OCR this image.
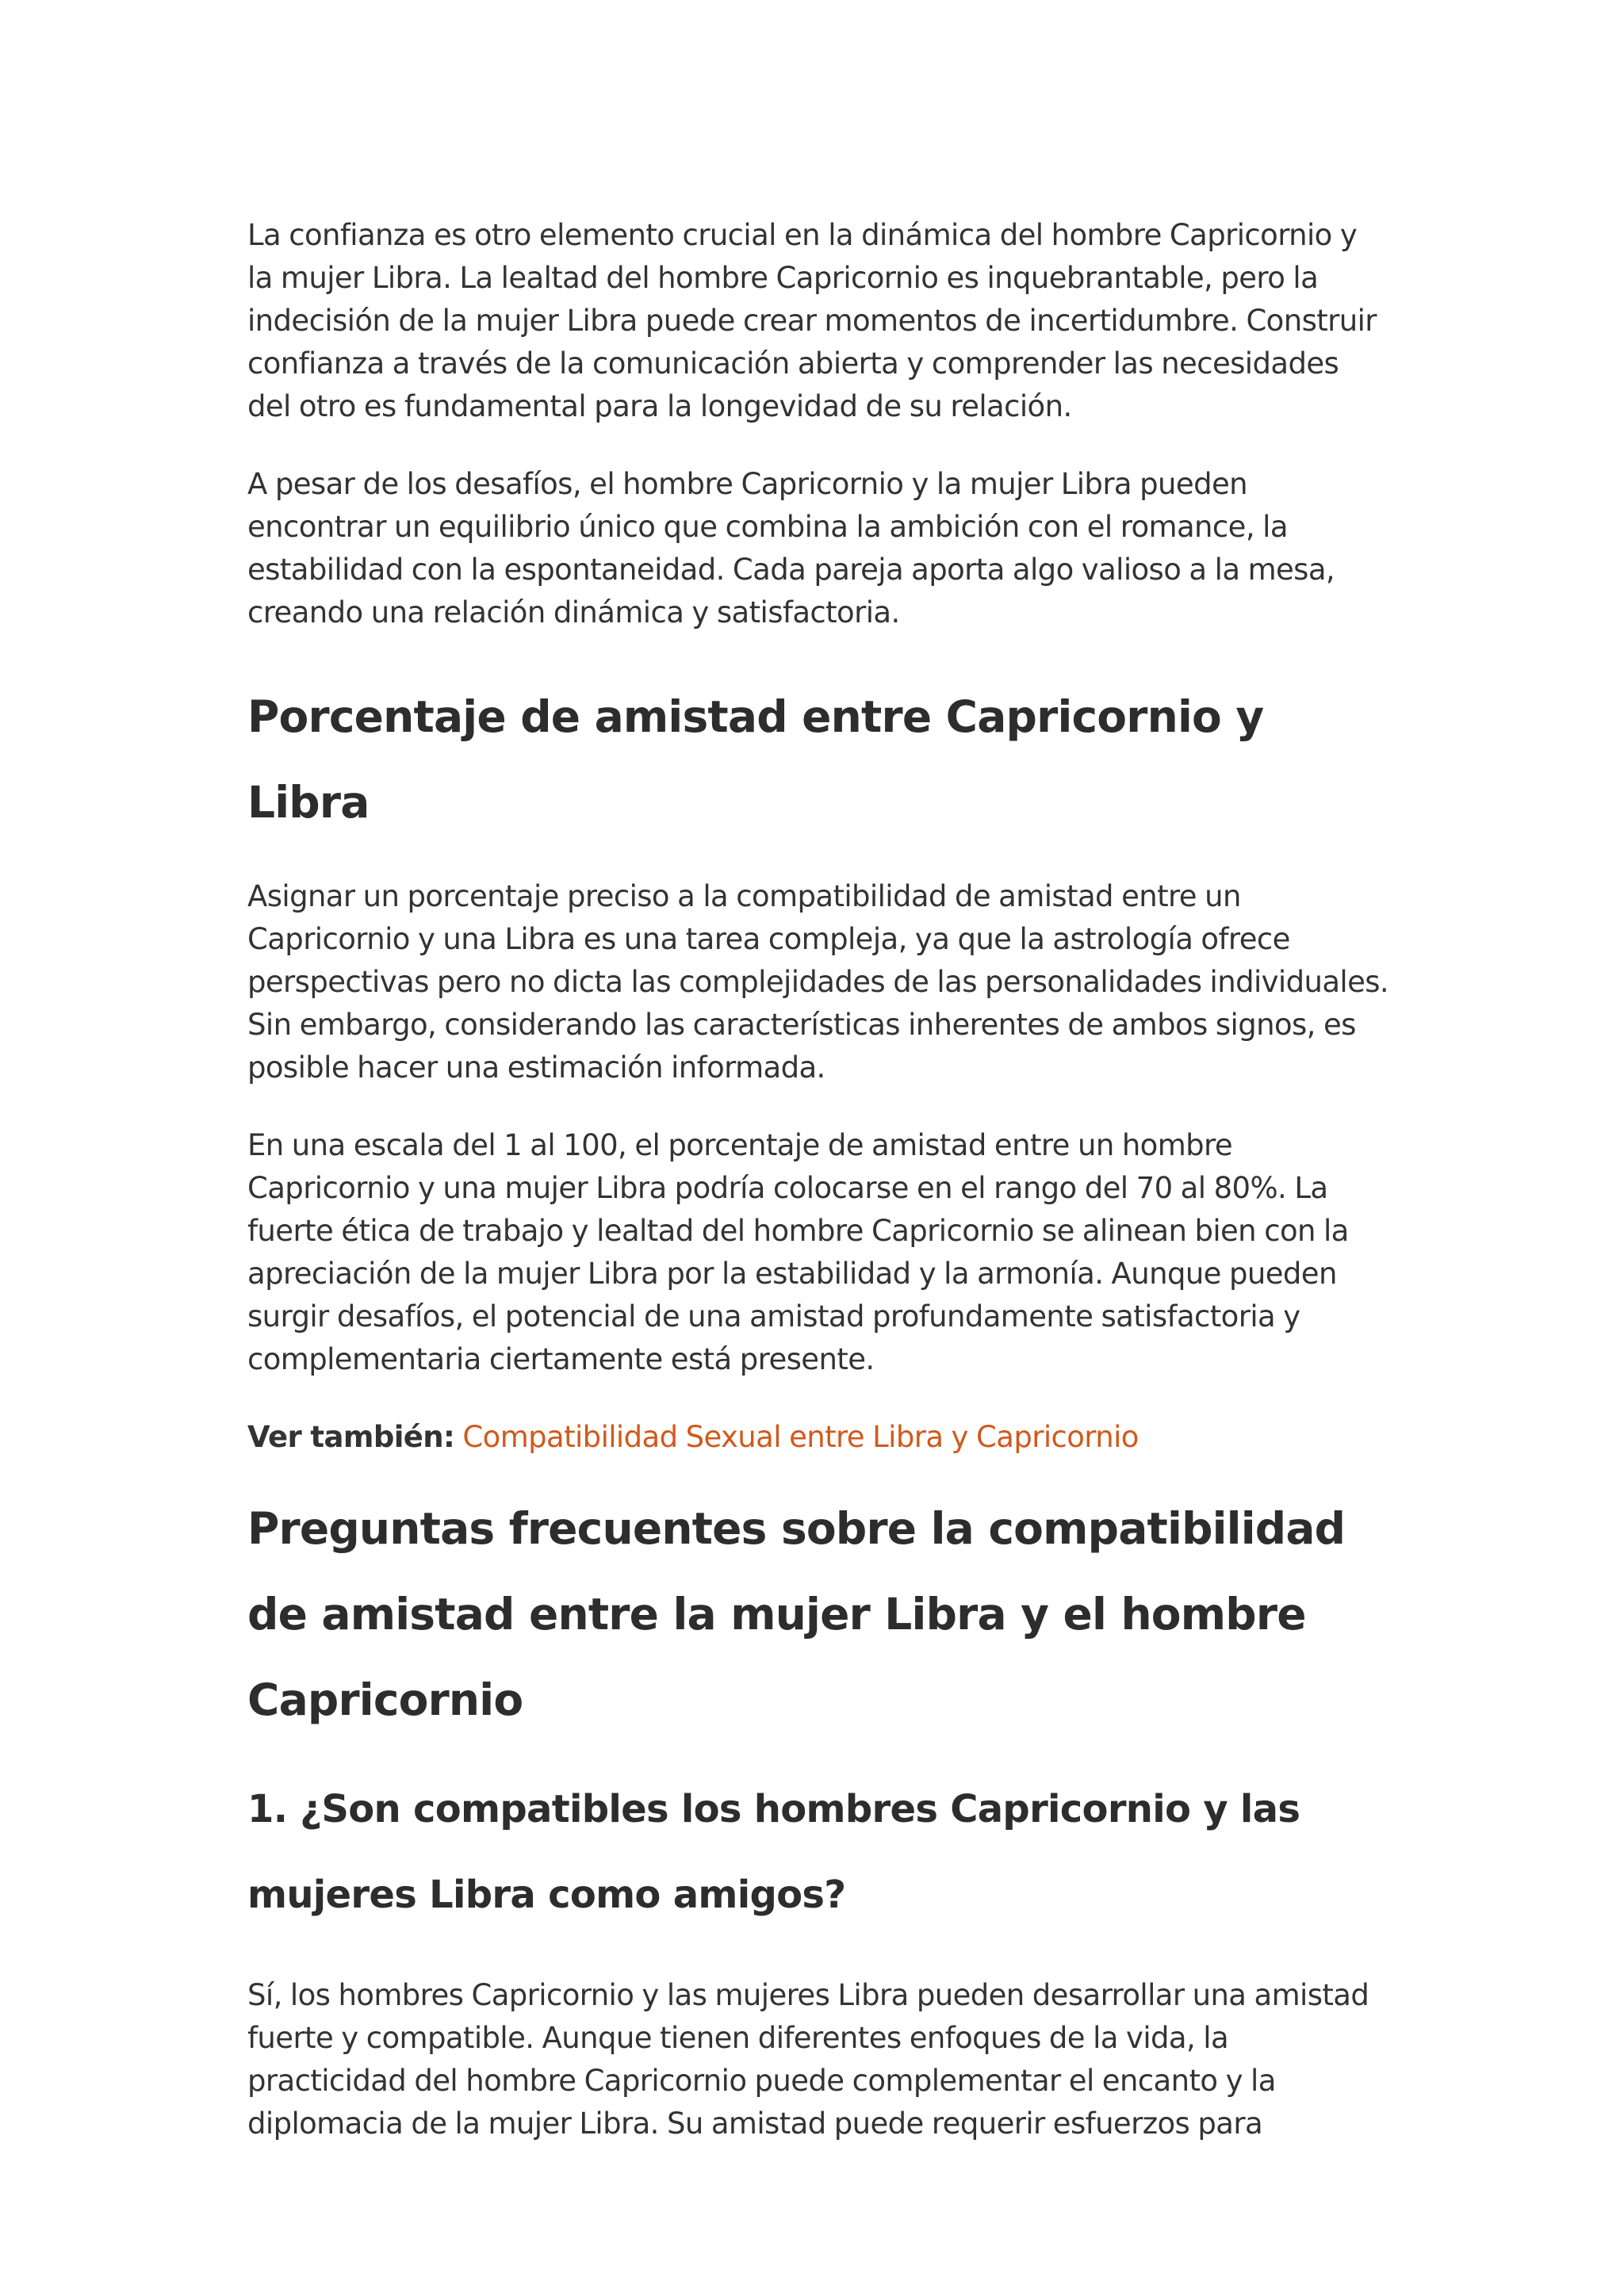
La confianza es otro elemento crucial en la dinámica del hombre Capricornio y la mujer Libra. La lealtad del hombre Capricornio es inquebrantable, pero la indecisión de la mujer Libra puede crear momentos de incertidumbre. Construir confianza a través de la comunicación abierta y comprender las necesidades del otro es fundamental para la longevidad de su relación.

A pesar de los desafíos, el hombre Capricornio y la mujer Libra pueden encontrar un equilibrio único que combina la ambición con el romance, la estabilidad con la espontaneidad. Cada pareja aporta algo valioso a la mesa, creando una relación dinámica y satisfactoria.

Porcentaje de amistad entre Capricornio y Libra

Asignar un porcentaje preciso a la compatibilidad de amistad entre un Capricornio y una Libra es una tarea compleja, ya que la astrología ofrece perspectivas pero no dicta las complejidades de las personalidades individuales. Sin embargo, considerando las características inherentes de ambos signos, es posible hacer una estimación informada.

En una escala del 1 al 100, el porcentaje de amistad entre un hombre Capricornio y una mujer Libra podría colocarse en el rango del 70 al 80%. La fuerte ética de trabajo y lealtad del hombre Capricornio se alinean bien con la apreciación de la mujer Libra por la estabilidad y la armonía. Aunque pueden surgir desafíos, el potencial de una amistad profundamente satisfactoria y complementaria ciertamente está presente.

Ver también: Compatibilidad Sexual entre Libra y Capricornio

Preguntas frecuentes sobre la compatibilidad de amistad entre la mujer Libra y el hombre Capricornio
1. ¿Son compatibles los hombres Capricornio y las mujeres Libra como amigos?

Sí, los hombres Capricornio y las mujeres Libra pueden desarrollar una amistad fuerte y compatible. Aunque tienen diferentes enfoques de la vida, la practicidad del hombre Capricornio puede complementar el encanto y la diplomacia de la mujer Libra. Su amistad puede requerir esfuerzos para
